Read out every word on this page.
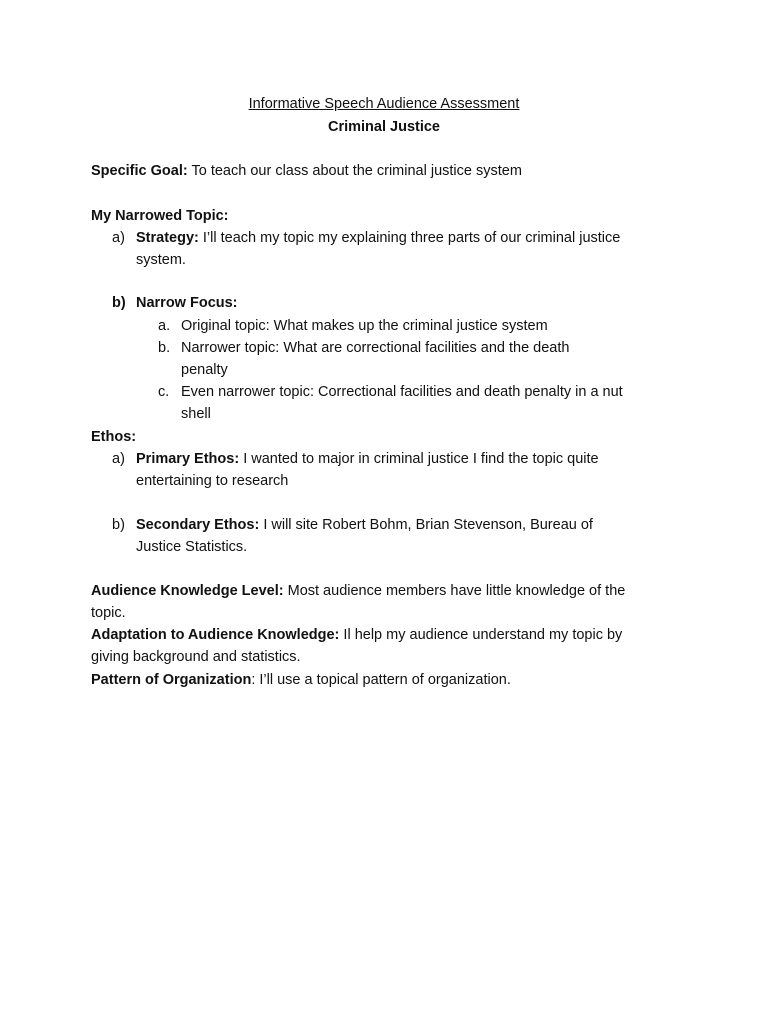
Informative Speech Audience Assessment
Criminal Justice
Specific Goal: To teach our class about the criminal justice system
My Narrowed Topic:
a) Strategy: I’ll teach my topic my explaining three parts of our criminal justice
system.
b) Narrow Focus:
a. Original topic: What makes up the criminal justice system
b. Narrower topic: What are correctional facilities and the death
penalty
c. Even narrower topic: Correctional facilities and death penalty in a nut
shell
Ethos:
a) Primary Ethos: I wanted to major in criminal justice I find the topic quite
entertaining to research
b) Secondary Ethos: I will site Robert Bohm, Brian Stevenson, Bureau of
Justice Statistics.
Audience Knowledge Level: Most audience members have little knowledge of the
topic.
Adaptation to Audience Knowledge: Il help my audience understand my topic by
giving background and statistics.
Pattern of Organization: I’ll use a topical pattern of organization.
